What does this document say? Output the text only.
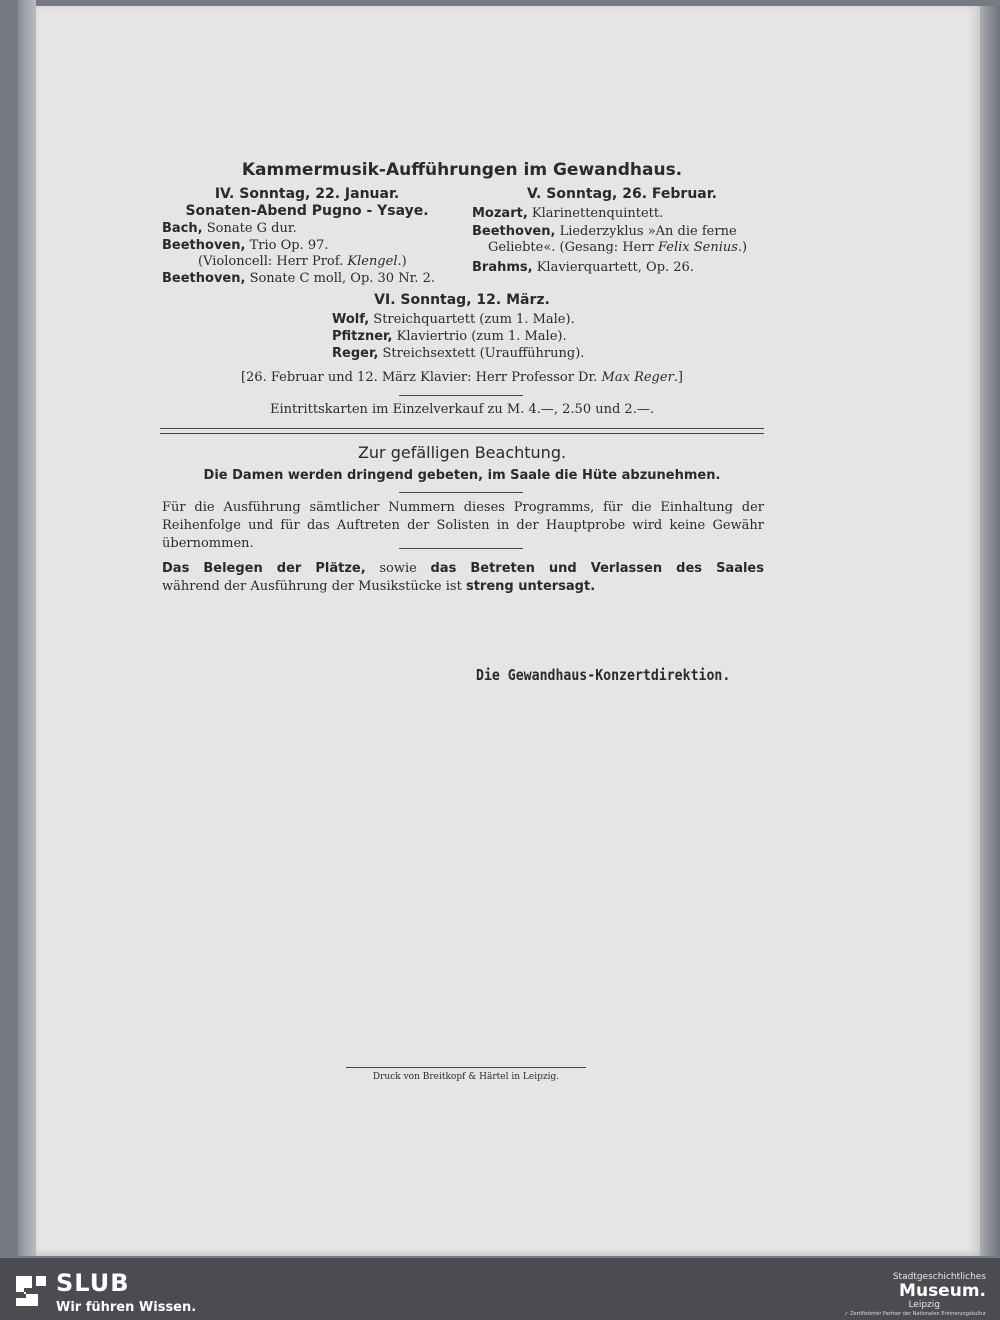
Kammermusik-Aufführungen im Gewandhaus.
IV. Sonntag, 22. Januar.
Sonaten-Abend Pugno - Ysaye.
Bach, Sonate G dur.
Beethoven, Trio Op. 97.
(Violoncell: Herr Prof. Klengel.)
Beethoven, Sonate C moll, Op. 30 Nr. 2.
V. Sonntag, 26. Februar.
Mozart, Klarinettenquintett.
Beethoven, Liederzyklus »An die ferne
Geliebte«. (Gesang: Herr Felix Senius.)
Brahms, Klavierquartett, Op. 26.
VI. Sonntag, 12. März.
Wolf, Streichquartett (zum 1. Male).
Pfitzner, Klaviertrio (zum 1. Male).
Reger, Streichsextett (Uraufführung).
[26. Februar und 12. März Klavier: Herr Professor Dr. Max Reger.]
Eintrittskarten im Einzelverkauf zu M. 4.—, 2.50 und 2.—.
Zur gefälligen Beachtung.
Die Damen werden dringend gebeten, im Saale die Hüte abzunehmen.
Für die Ausführung sämtlicher Nummern dieses Programms, für die Einhaltung der
Reihenfolge und für das Auftreten der Solisten in der Hauptprobe wird keine Gewähr
übernommen.
Das Belegen der Plätze, sowie das Betreten und Verlassen des Saales
während der Ausführung der Musikstücke ist streng untersagt.
Die Gewandhaus-Konzertdirektion.
Druck von Breitkopf & Härtel in Leipzig.
SLUB
Wir führen Wissen.
Stadtgeschichtliches
Museum.
Leipzig
✓ Zertifizierter Partner der Nationalen Erinnerungskultur
